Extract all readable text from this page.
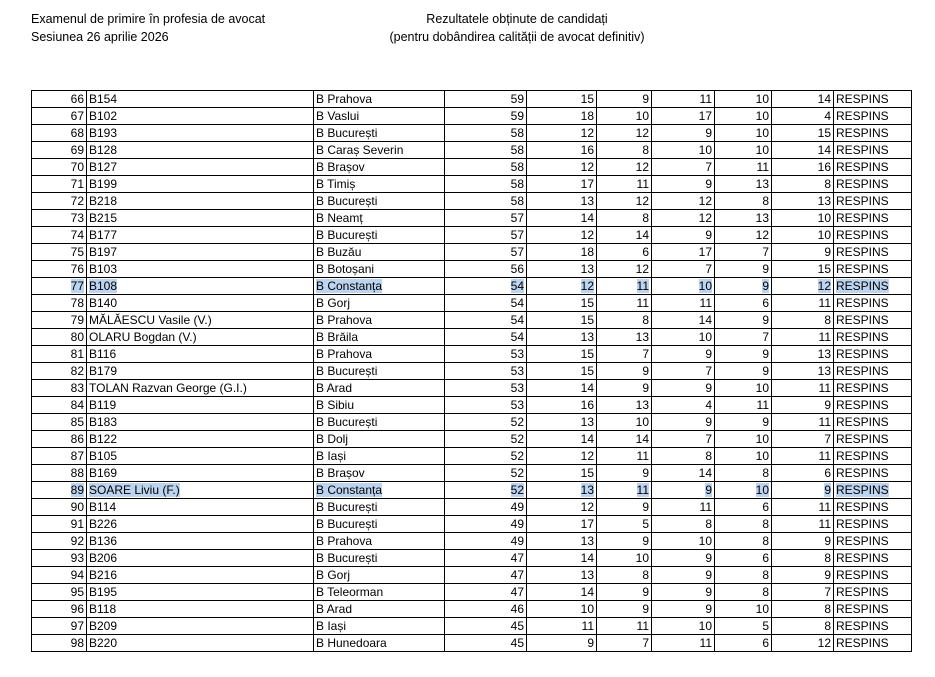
Examenul de primire în profesia de avocat
Sesiunea 26 aprilie 2026
Rezultatele obținute de candidați
(pentru dobândirea calității de avocat definitiv)
66	B154	B Prahova	59	15	9	11	10	14	RESPINS
67	B102	B Vaslui	59	18	10	17	10	4	RESPINS
68	B193	B București	58	12	12	9	10	15	RESPINS
69	B128	B Caraș Severin	58	16	8	10	10	14	RESPINS
70	B127	B Brașov	58	12	12	7	11	16	RESPINS
71	B199	B Timiș	58	17	11	9	13	8	RESPINS
72	B218	B București	58	13	12	12	8	13	RESPINS
73	B215	B Neamț	57	14	8	12	13	10	RESPINS
74	B177	B București	57	12	14	9	12	10	RESPINS
75	B197	B Buzău	57	18	6	17	7	9	RESPINS
76	B103	B Botoșani	56	13	12	7	9	15	RESPINS
77	B108	B Constanța	54	12	11	10	9	12	RESPINS
78	B140	B Gorj	54	15	11	11	6	11	RESPINS
79	MĂLĂESCU Vasile (V.)	B Prahova	54	15	8	14	9	8	RESPINS
80	OLARU Bogdan (V.)	B Brăila	54	13	13	10	7	11	RESPINS
81	B116	B Prahova	53	15	7	9	9	13	RESPINS
82	B179	B București	53	15	9	7	9	13	RESPINS
83	TOLAN Razvan George (G.I.)	B Arad	53	14	9	9	10	11	RESPINS
84	B119	B Sibiu	53	16	13	4	11	9	RESPINS
85	B183	B București	52	13	10	9	9	11	RESPINS
86	B122	B Dolj	52	14	14	7	10	7	RESPINS
87	B105	B Iași	52	12	11	8	10	11	RESPINS
88	B169	B Brașov	52	15	9	14	8	6	RESPINS
89	SOARE Liviu (F.)	B Constanța	52	13	11	9	10	9	RESPINS
90	B114	B București	49	12	9	11	6	11	RESPINS
91	B226	B București	49	17	5	8	8	11	RESPINS
92	B136	B Prahova	49	13	9	10	8	9	RESPINS
93	B206	B București	47	14	10	9	6	8	RESPINS
94	B216	B Gorj	47	13	8	9	8	9	RESPINS
95	B195	B Teleorman	47	14	9	9	8	7	RESPINS
96	B118	B Arad	46	10	9	9	10	8	RESPINS
97	B209	B Iași	45	11	11	10	5	8	RESPINS
98	B220	B Hunedoara	45	9	7	11	6	12	RESPINS
